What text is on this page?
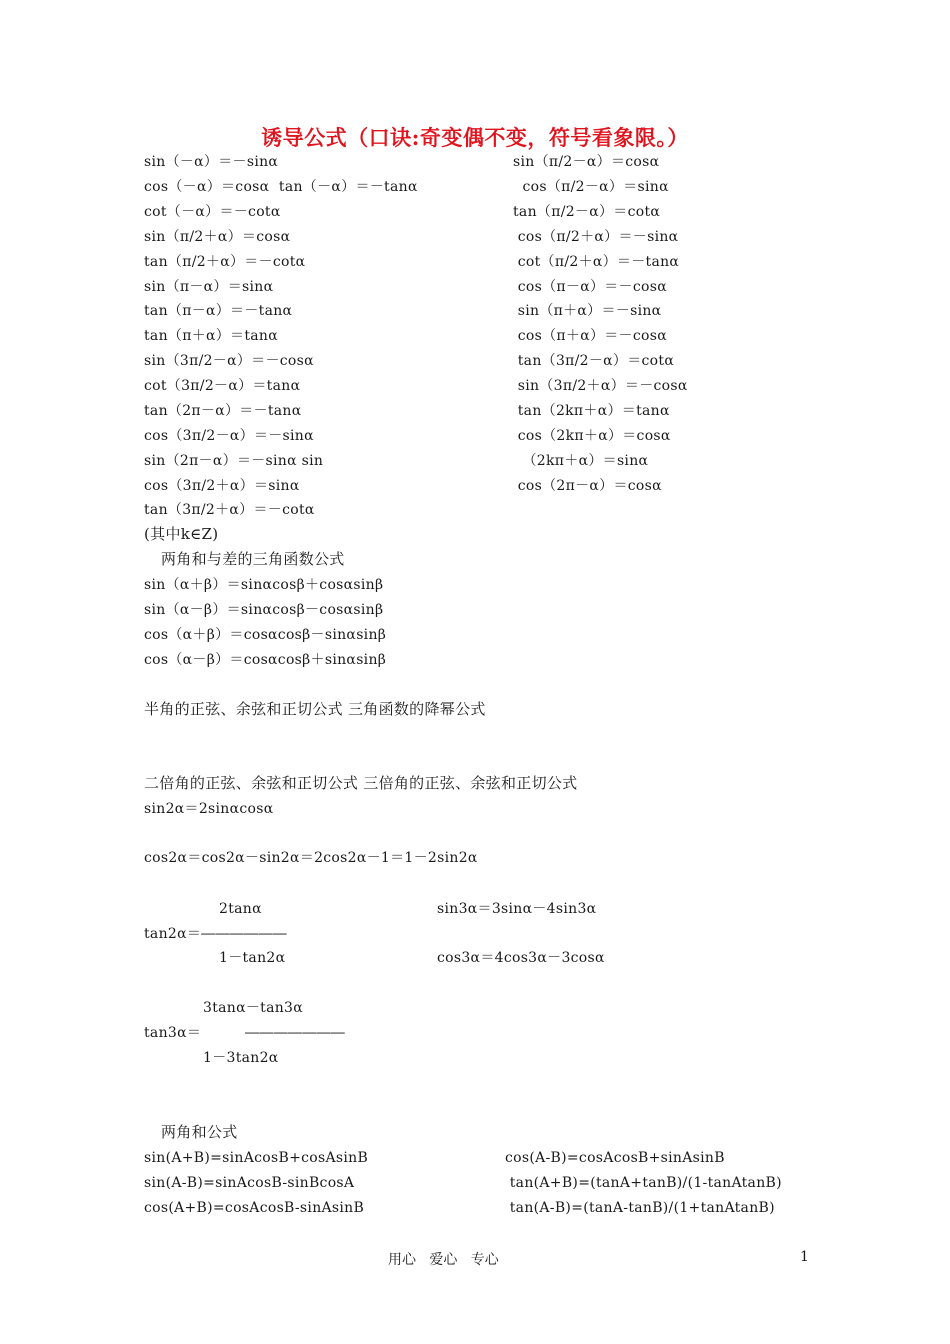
诱导公式（口诀:奇变偶不变，符号看象限。）
sin（－α）＝－sinα
cos（－α）＝cosα  tan（－α）＝－tanα
cot（－α）＝－cotα
sin（π/2＋α）＝cosα
tan（π/2＋α）＝－cotα
sin（π－α）＝sinα
tan（π－α）＝－tanα
tan（π＋α）＝tanα
sin（3π/2－α）＝－cosα
cot（3π/2－α）＝tanα
tan（2π－α）＝－tanα
cos（3π/2－α）＝－sinα
sin（2π－α）＝－sinα sin
cos（3π/2＋α）＝sinα
tan（3π/2＋α）＝－cotα
sin（π/2－α）＝cosα
cos（π/2－α）＝sinα
tan（π/2－α）＝cotα
cos（π/2＋α）＝－sinα
cot（π/2＋α）＝－tanα
cos（π－α）＝－cosα
sin（π＋α）＝－sinα
cos（π＋α）＝－cosα
tan（3π/2－α）＝cotα
sin（3π/2＋α）＝－cosα
tan（2kπ＋α）＝tanα
cos（2kπ＋α）＝cosα
（2kπ＋α）＝sinα
cos（2π－α）＝cosα
(其中k∈Z)
两角和与差的三角函数公式
sin（α＋β）＝sinαcosβ＋cosαsinβ
sin（α－β）＝sinαcosβ－cosαsinβ
cos（α＋β）＝cosαcosβ－sinαsinβ
cos（α－β）＝cosαcosβ＋sinαsinβ
半角的正弦、余弦和正切公式 三角函数的降幂公式
二倍角的正弦、余弦和正切公式 三倍角的正弦、余弦和正切公式
sin2α＝2sinαcosα
cos2α＝cos2α－sin2α＝2cos2α－1＝1－2sin2α
2tanα
tan2α＝――――――
1－tan2α
sin3α＝3sinα－4sin3α
cos3α＝4cos3α－3cosα
3tanα－tan3α
tan3α＝	―――――――
1－3tan2α
两角和公式
sin(A+B)=sinAcosB+cosAsinB
sin(A-B)=sinAcosB-sinBcosA
cos(A+B)=cosAcosB-sinAsinB
cos(A-B)=cosAcosB+sinAsinB
tan(A+B)=(tanA+tanB)/(1-tanAtanB)
tan(A-B)=(tanA-tanB)/(1+tanAtanB)
用心   爱心   专心	1
